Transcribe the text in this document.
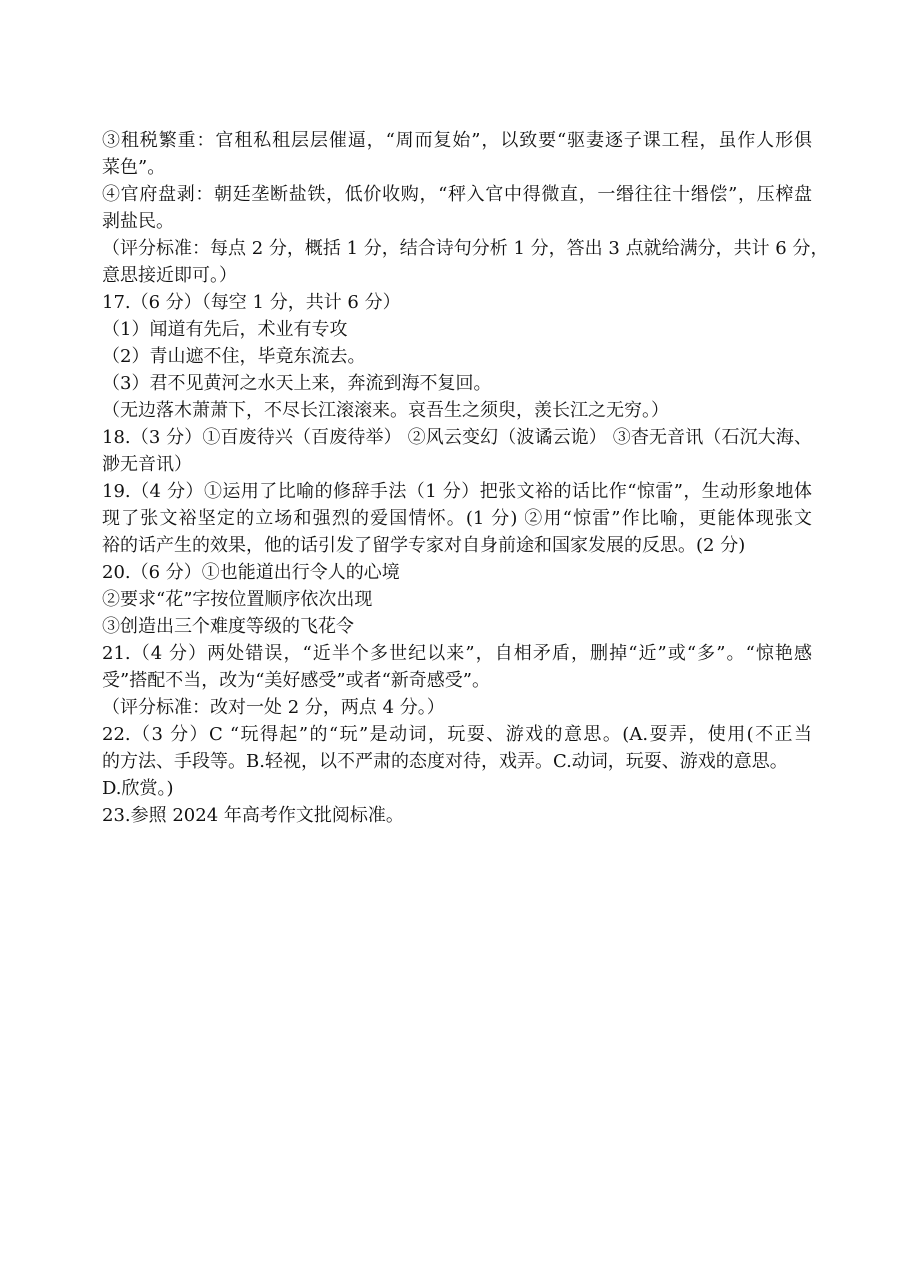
③租税繁重：官租私租层层催逼，“周而复始”，以致要“驱妻逐子课工程，虽作人形俱

菜色”。

④官府盘剥：朝廷垄断盐铁，低价收购，“秤入官中得微直，一缗往往十缗偿”，压榨盘

剥盐民。

（评分标准：每点 2 分，概括 1 分，结合诗句分析 1 分，答出 3 点就给满分，共计 6 分，

意思接近即可。）

17.（6 分）（每空 1 分，共计 6 分）

（1）闻道有先后，术业有专攻

（2）青山遮不住，毕竟东流去。

（3）君不见黄河之水天上来，奔流到海不复回。

（无边落木萧萧下，不尽长江滚滚来。哀吾生之须臾，羡长江之无穷。）

18.（3 分）①百废待兴（百废待举） ②风云变幻（波谲云诡） ③杳无音讯（石沉大海、

渺无音讯）

19.（4 分）①运用了比喻的修辞手法（1 分）把张文裕的话比作“惊雷”，生动形象地体

现了张文裕坚定的立场和强烈的爱国情怀。(1 分) ②用“惊雷”作比喻，更能体现张文

裕的话产生的效果，他的话引发了留学专家对自身前途和国家发展的反思。(2 分)

20.（6 分）①也能道出行令人的心境

②要求“花”字按位置顺序依次出现

③创造出三个难度等级的飞花令

21.（4 分）两处错误，“近半个多世纪以来”，自相矛盾，删掉“近”或“多”。“惊艳感

受”搭配不当，改为“美好感受”或者“新奇感受”。

（评分标准：改对一处 2 分，两点 4 分。）

22.（3 分）C “玩得起”的“玩”是动词，玩耍、游戏的意思。(A.耍弄，使用(不正当

的方法、手段等。B.轻视，以不严肃的态度对待，戏弄。C.动词，玩耍、游戏的意思。

D.欣赏。)

23.参照 2024 年高考作文批阅标准。
